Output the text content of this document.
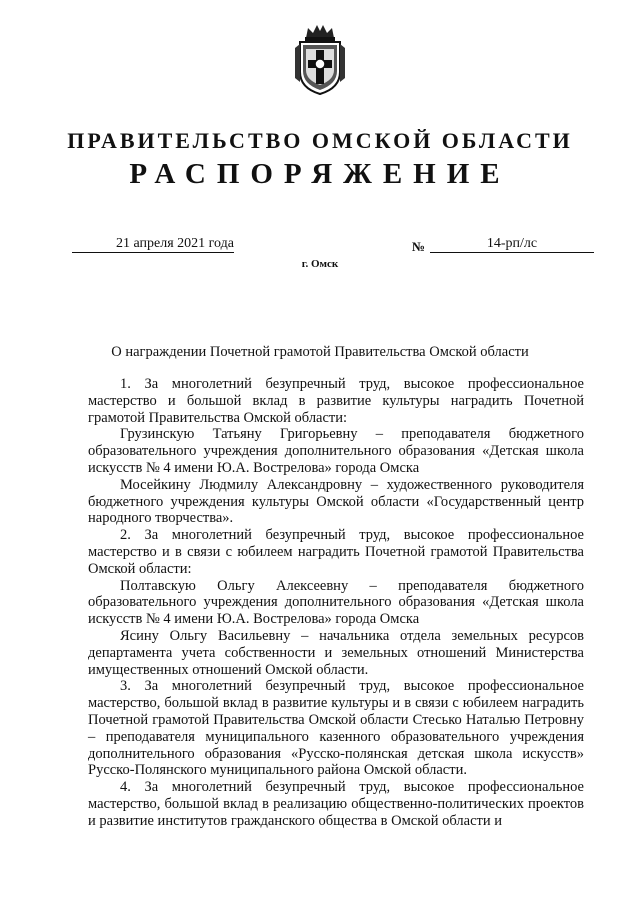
ПРАВИТЕЛЬСТВО ОМСКОЙ ОБЛАСТИ
РАСПОРЯЖЕНИЕ
21 апреля 2021 года	№	14-рп/лс
г. Омск
О награждении Почетной грамотой Правительства Омской области

1. За многолетний безупречный труд, высокое профессиональное мастерство и большой вклад в развитие культуры наградить Почетной грамотой Правительства Омской области:

Грузинскую Татьяну Григорьевну – преподавателя бюджетного образовательного учреждения дополнительного образования «Детская школа искусств № 4 имени Ю.А. Вострелова» города Омска

Мосейкину Людмилу Александровну – художественного руководителя бюджетного учреждения культуры Омской области «Государственный центр народного творчества».

2. За многолетний безупречный труд, высокое профессиональное мастерство и в связи с юбилеем наградить Почетной грамотой Правительства Омской области:

Полтавскую Ольгу Алексеевну – преподавателя бюджетного образовательного учреждения дополнительного образования «Детская школа искусств № 4 имени Ю.А. Вострелова» города Омска

Ясину Ольгу Васильевну – начальника отдела земельных ресурсов департамента учета собственности и земельных отношений Министерства имущественных отношений Омской области.

3. За многолетний безупречный труд, высокое профессиональное мастерство, большой вклад в развитие культуры и в связи с юбилеем наградить Почетной грамотой Правительства Омской области Стесько Наталью Петровну – преподавателя муниципального казенного образовательного учреждения дополнительного образования «Русско-полянская детская школа искусств» Русско-Полянского муниципального района Омской области.

4. За многолетний безупречный труд, высокое профессиональное мастерство, большой вклад в реализацию общественно-политических проектов и развитие институтов гражданского общества в Омской области и
